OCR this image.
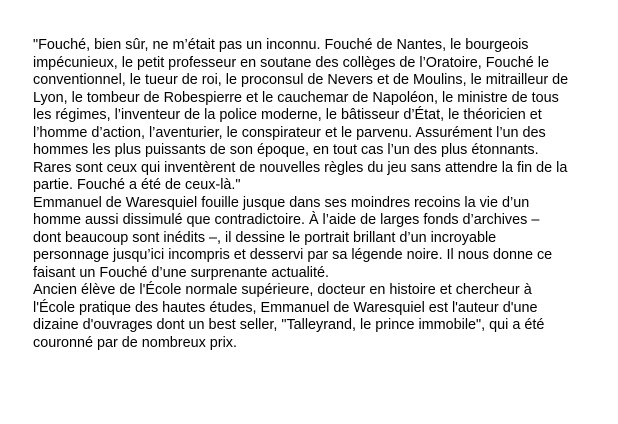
"Fouché, bien sûr, ne m’était pas un inconnu. Fouché de Nantes, le bourgeois

impécunieux, le petit professeur en soutane des collèges de l’Oratoire, Fouché le

conventionnel, le tueur de roi, le proconsul de Nevers et de Moulins, le mitrailleur de

Lyon, le tombeur de Robespierre et le cauchemar de Napoléon, le ministre de tous

les régimes, l’inventeur de la police moderne, le bâtisseur d’État, le théoricien et

l’homme d’action, l’aventurier, le conspirateur et le parvenu. Assurément l’un des

hommes les plus puissants de son époque, en tout cas l’un des plus étonnants.

Rares sont ceux qui inventèrent de nouvelles règles du jeu sans attendre la fin de la

partie. Fouché a été de ceux-là."

Emmanuel de Waresquiel fouille jusque dans ses moindres recoins la vie d’un

homme aussi dissimulé que contradictoire. À l’aide de larges fonds d’archives –

dont beaucoup sont inédits –, il dessine le portrait brillant d’un incroyable

personnage jusqu’ici incompris et desservi par sa légende noire. Il nous donne ce

faisant un Fouché d’une surprenante actualité.

Ancien élève de l'École normale supérieure, docteur en histoire et chercheur à

l'École pratique des hautes études, Emmanuel de Waresquiel est l'auteur d'une

dizaine d'ouvrages dont un best seller, "Talleyrand, le prince immobile", qui a été

couronné par de nombreux prix.
